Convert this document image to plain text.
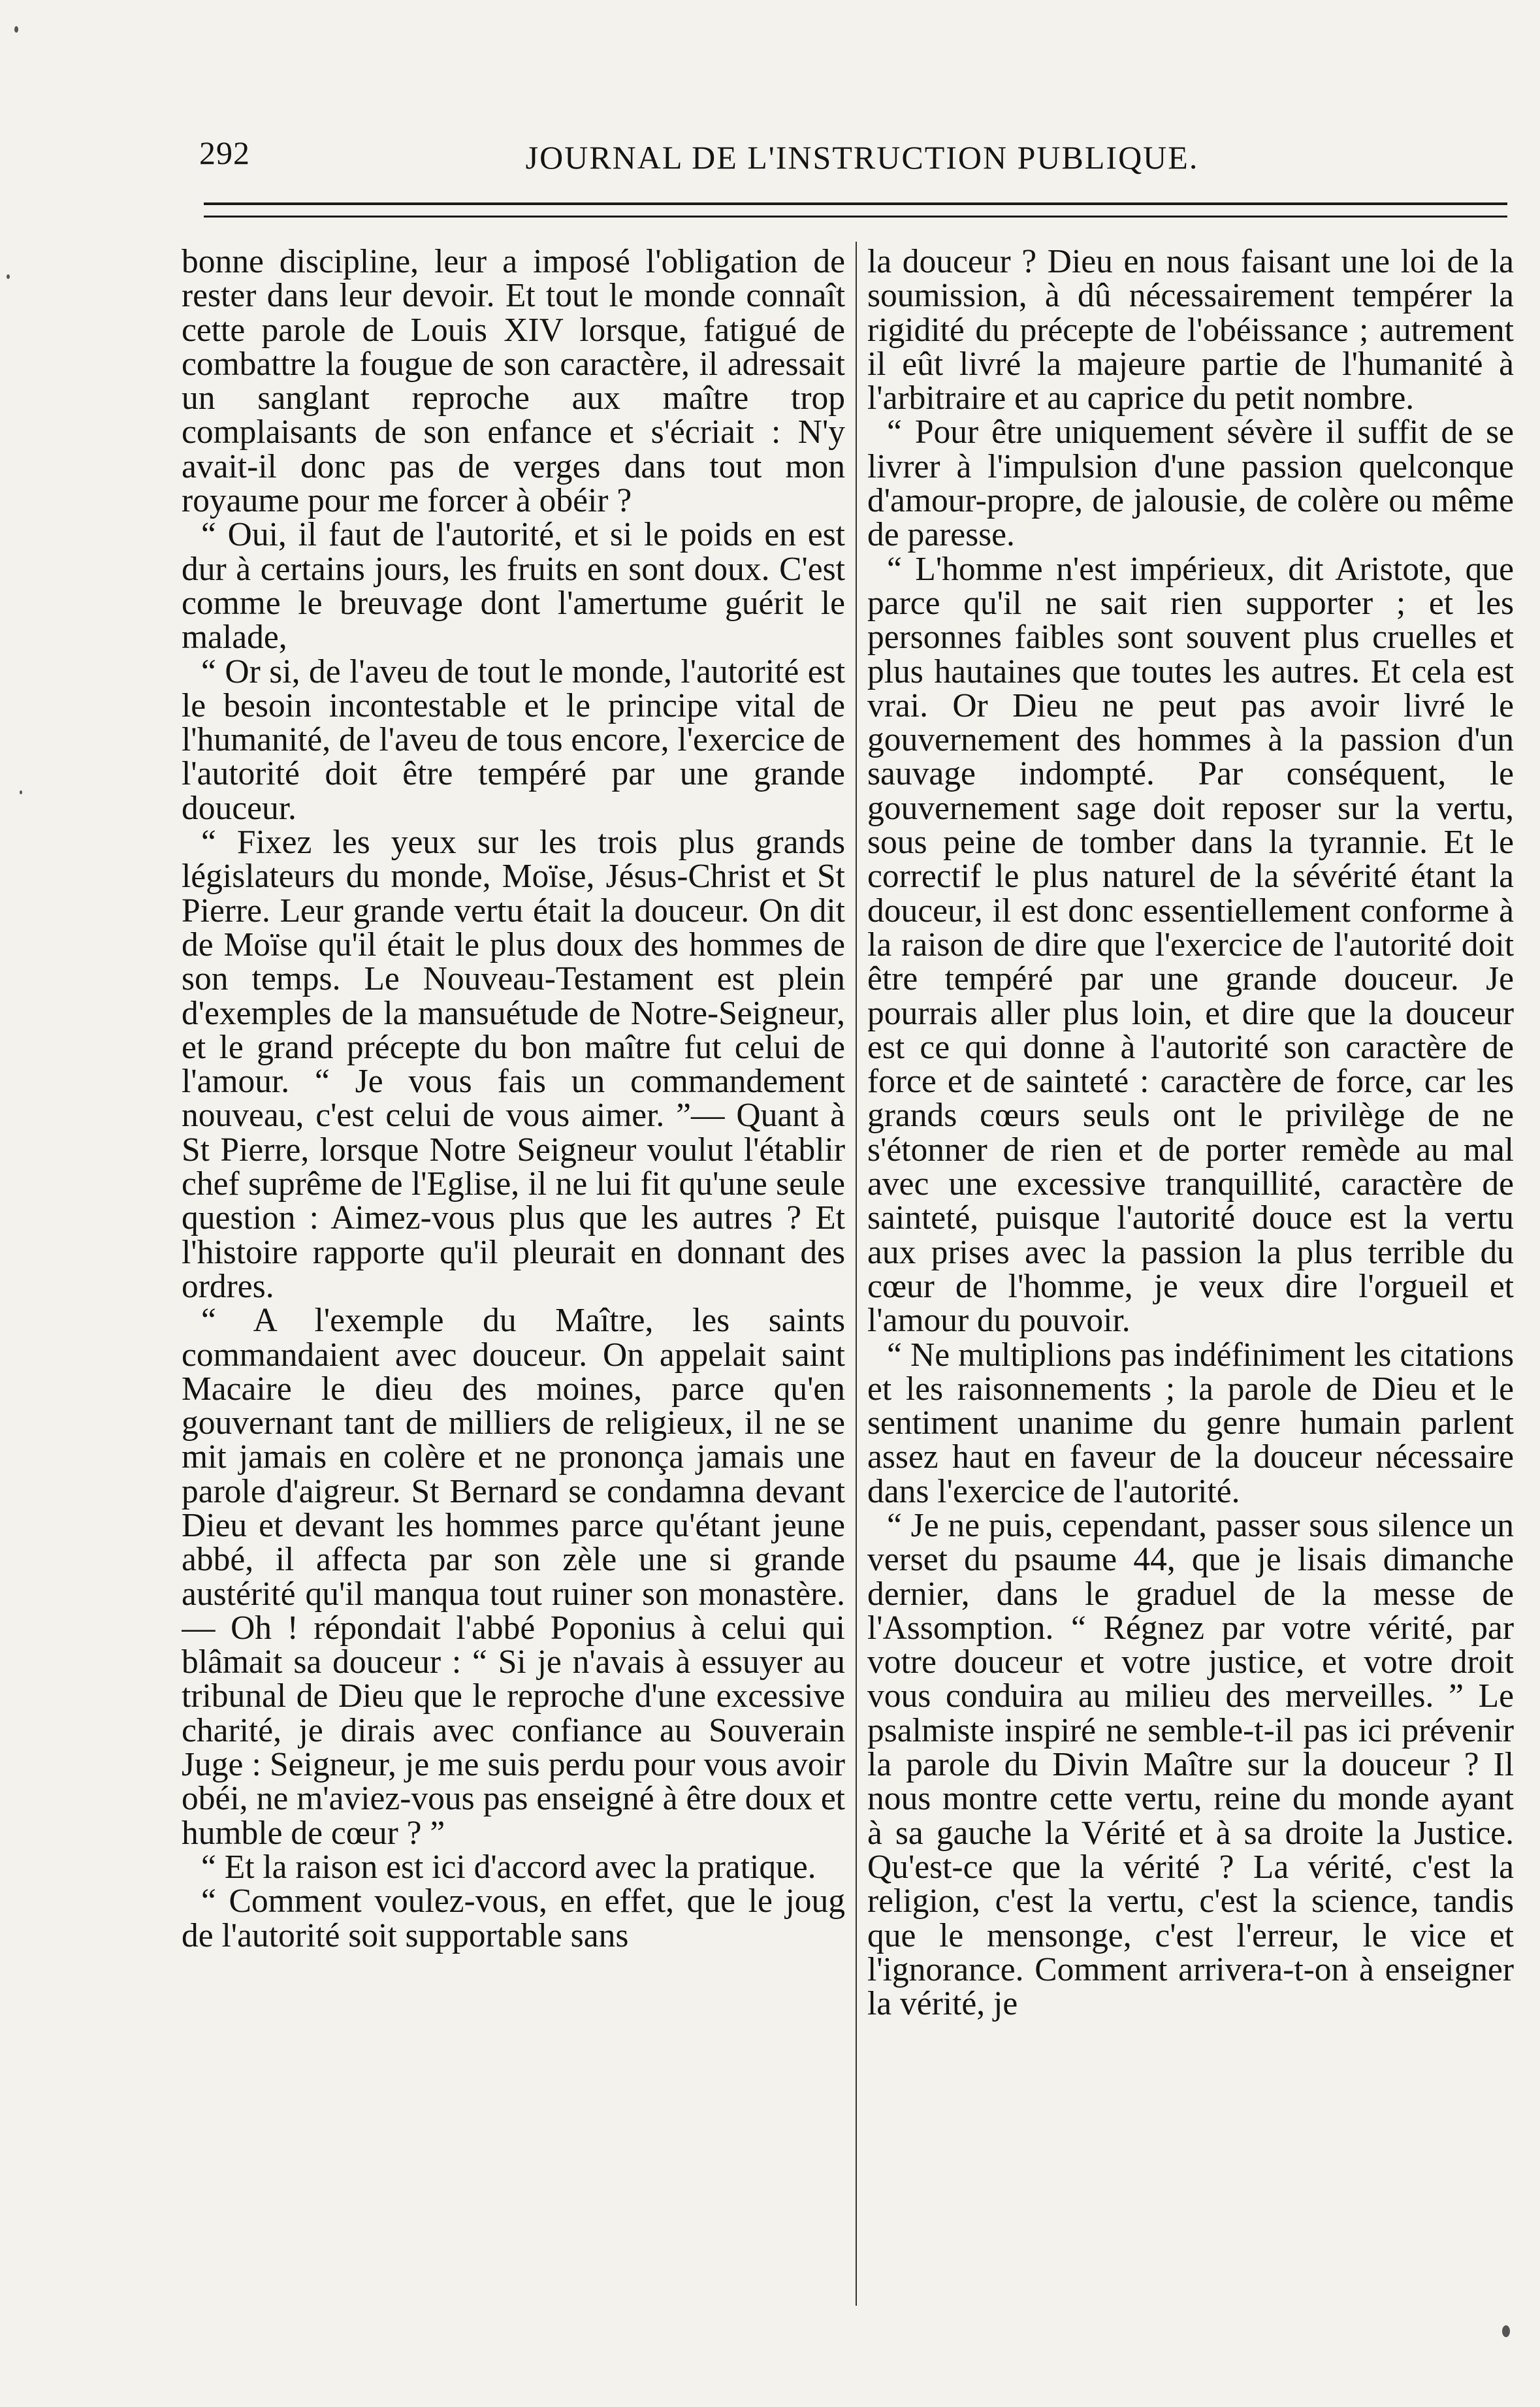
292	JOURNAL DE L'INSTRUCTION PUBLIQUE.

bonne discipline, leur a imposé l'obligation de rester dans leur devoir. Et tout le monde connaît cette parole de Louis XIV lorsque, fatigué de combattre la fougue de son caractère, il adressait un sanglant reproche aux maître trop complaisants de son enfance et s'écriait : N'y avait-il donc pas de verges dans tout mon royaume pour me forcer à obéir ?

“ Oui, il faut de l'autorité, et si le poids en est dur à certains jours, les fruits en sont doux. C'est comme le breuvage dont l'amertume guérit le malade,

“ Or si, de l'aveu de tout le monde, l'autorité est le besoin incontestable et le principe vital de l'humanité, de l'aveu de tous encore, l'exercice de l'autorité doit être tempéré par une grande douceur.

“ Fixez les yeux sur les trois plus grands législateurs du monde, Moïse, Jésus-Christ et St Pierre. Leur grande vertu était la douceur. On dit de Moïse qu'il était le plus doux des hommes de son temps. Le Nouveau-Testament est plein d'exemples de la mansuétude de Notre-Seigneur, et le grand précepte du bon maître fut celui de l'amour. “ Je vous fais un commandement nouveau, c'est celui de vous aimer. ”— Quant à St Pierre, lorsque Notre Seigneur voulut l'établir chef suprême de l'Eglise, il ne lui fit qu'une seule question : Aimez-vous plus que les autres ? Et l'histoire rapporte qu'il pleurait en donnant des ordres.

“ A l'exemple du Maître, les saints commandaient avec douceur. On appelait saint Macaire le dieu des moines, parce qu'en gouvernant tant de milliers de religieux, il ne se mit jamais en colère et ne prononça jamais une parole d'aigreur. St Bernard se condamna devant Dieu et devant les hommes parce qu'étant jeune abbé, il affecta par son zèle une si grande austérité qu'il manqua tout ruiner son monastère. — Oh ! répondait l'abbé Poponius à celui qui blâmait sa douceur : “ Si je n'avais à essuyer au tribunal de Dieu que le reproche d'une excessive charité, je dirais avec confiance au Souverain Juge : Seigneur, je me suis perdu pour vous avoir obéi, ne m'aviez-vous pas enseigné à être doux et humble de cœur ? ”

“ Et la raison est ici d'accord avec la pratique.

“ Comment voulez-vous, en effet, que le joug de l'autorité soit supportable sans

la douceur ? Dieu en nous faisant une loi de la soumission, à dû nécessairement tempérer la rigidité du précepte de l'obéissance ; autrement il eût livré la majeure partie de l'humanité à l'arbitraire et au caprice du petit nombre.

“ Pour être uniquement sévère il suffit de se livrer à l'impulsion d'une passion quelconque d'amour-propre, de jalousie, de colère ou même de paresse.

“ L'homme n'est impérieux, dit Aristote, que parce qu'il ne sait rien supporter ; et les personnes faibles sont souvent plus cruelles et plus hautaines que toutes les autres. Et cela est vrai. Or Dieu ne peut pas avoir livré le gouvernement des hommes à la passion d'un sauvage indompté. Par conséquent, le gouvernement sage doit reposer sur la vertu, sous peine de tomber dans la tyrannie. Et le correctif le plus naturel de la sévérité étant la douceur, il est donc essentiellement conforme à la raison de dire que l'exercice de l'autorité doit être tempéré par une grande douceur. Je pourrais aller plus loin, et dire que la douceur est ce qui donne à l'autorité son caractère de force et de sainteté : caractère de force, car les grands cœurs seuls ont le privilège de ne s'étonner de rien et de porter remède au mal avec une excessive tranquillité, caractère de sainteté, puisque l'autorité douce est la vertu aux prises avec la passion la plus terrible du cœur de l'homme, je veux dire l'orgueil et l'amour du pouvoir.

“ Ne multiplions pas indéfiniment les citations et les raisonnements ; la parole de Dieu et le sentiment unanime du genre humain parlent assez haut en faveur de la douceur nécessaire dans l'exercice de l'autorité.

“ Je ne puis, cependant, passer sous silence un verset du psaume 44, que je lisais dimanche dernier, dans le graduel de la messe de l'Assomption. “ Régnez par votre vérité, par votre douceur et votre justice, et votre droit vous conduira au milieu des merveilles. ” Le psalmiste inspiré ne semble-t-il pas ici prévenir la parole du Divin Maître sur la douceur ? Il nous montre cette vertu, reine du monde ayant à sa gauche la Vérité et à sa droite la Justice. Qu'est-ce que la vérité ? La vérité, c'est la religion, c'est la vertu, c'est la science, tandis que le mensonge, c'est l'erreur, le vice et l'ignorance. Comment arrivera-t-on à enseigner la vérité, je
